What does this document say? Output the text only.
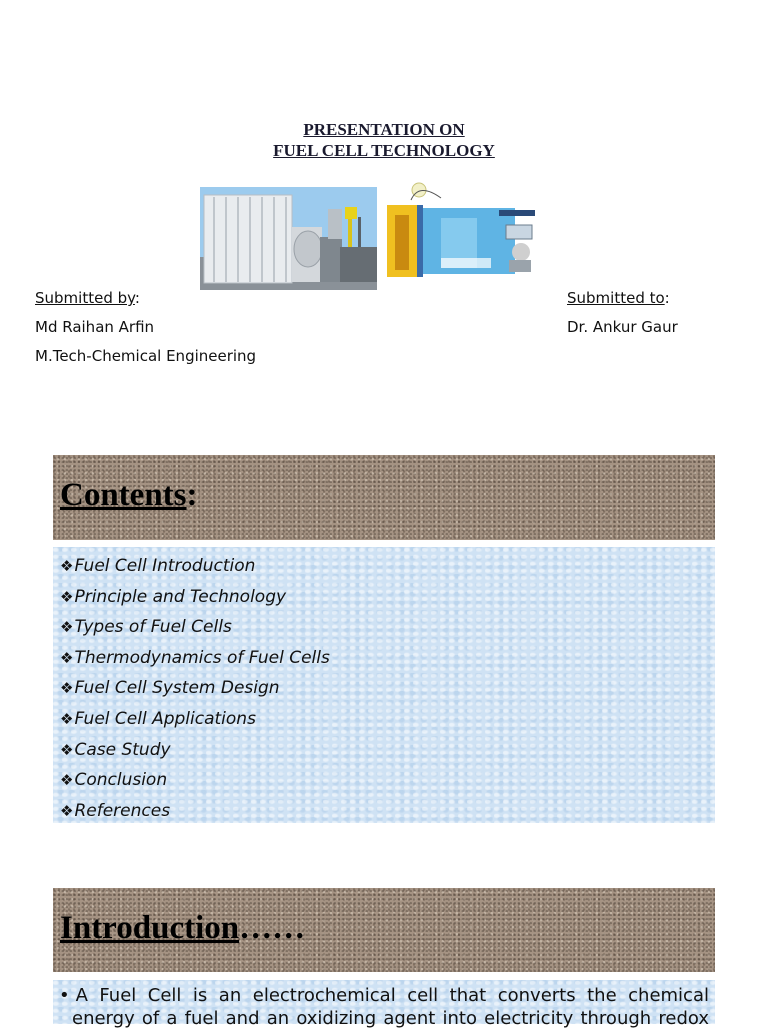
PRESENTATION ON
FUEL CELL TECHNOLOGY
Submitted by:
Md Raihan Arfin
M.Tech-Chemical Engineering
Submitted to:
Dr. Ankur Gaur
Contents:
❖Fuel Cell Introduction
❖Principle and Technology
❖Types of Fuel Cells
❖Thermodynamics of Fuel Cells
❖Fuel Cell System Design
❖Fuel Cell Applications
❖Case Study
❖Conclusion
❖References
Introduction……
• A Fuel Cell is an electrochemical cell that converts the chemical
energy of a fuel and an oxidizing agent into electricity through redox
